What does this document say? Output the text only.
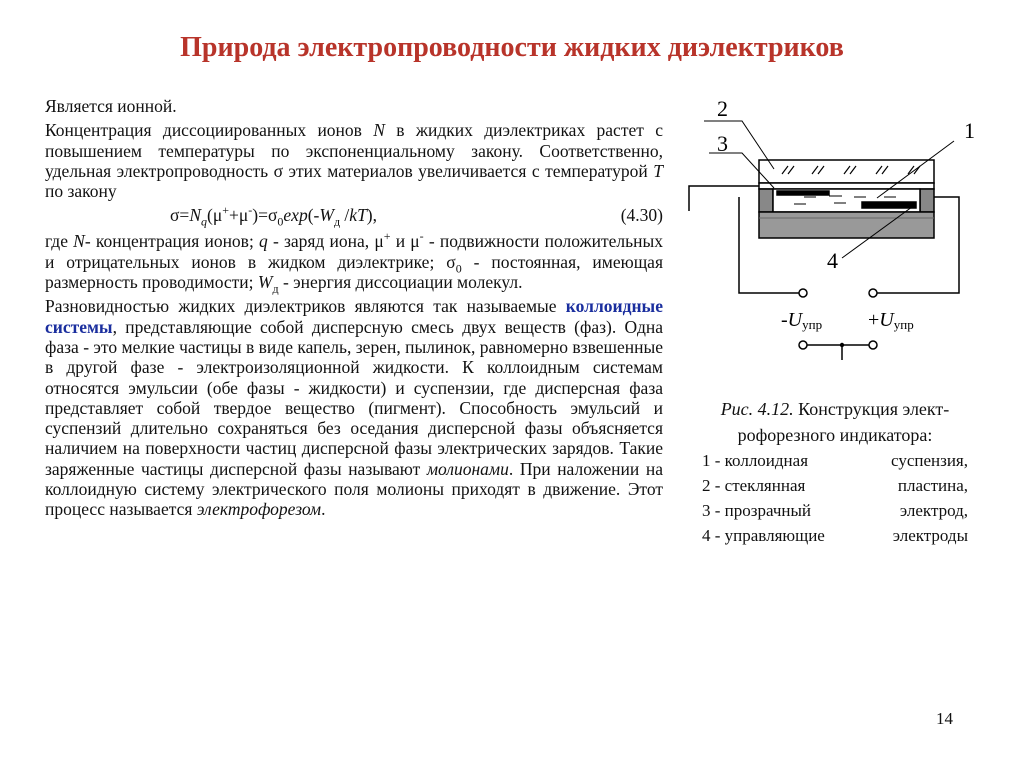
Природа электропроводности жидких диэлектриков

Является ионной.

Концентрация диссоциированных ионов N в жидких диэлектриках растет с повышением температуры по экспоненциальному закону. Соответственно, удельная электропроводность σ этих материалов увеличивается с температурой T по закону

$\sigma=N_q(\mu^++\mu^-)=\sigma_0\exp(-W_д$ /kT),	(4.30)

где N- концентрация ионов; q - заряд иона, μ+ и μ- - подвижности положительных и отрицательных ионов в жидком диэлектрике; $\sigma_0$ - постоянная, имеющая размерность проводимости; $W_д$ - энергия диссоциации молекул.

Разновидностью жидких диэлектриков являются так называемые коллоидные системы, представляющие собой дисперсную смесь двух веществ (фаз). Одна фаза - это мелкие частицы в виде капель, зерен, пылинок, равномерно взвешенные в другой фазе - электроизоляционной жидкости. К коллоидным системам относятся эмульсии (обе фазы - жидкости) и суспензии, где дисперсная фаза представляет собой твердое вещество (пигмент). Способность эмульсий и суспензий длительно сохраняться без оседания дисперсной фазы объясняется наличием на поверхности частиц дисперсной фазы электрических зарядов. Такие заряженные частицы дисперсной фазы называют молионами. При наложении на коллоидную систему электрического поля молионы приходят в движение. Этот процесс называется электрофорезом.

2
3
1
4
-Uупр +Uупр
Рис. 4.12. Конструкция элект-
рофорезного индикатора:
1 - коллоидная	суспензия,
2 - стеклянная	пластина,
3 - прозрачный	электрод,
4 - управляющие	электроды
14
